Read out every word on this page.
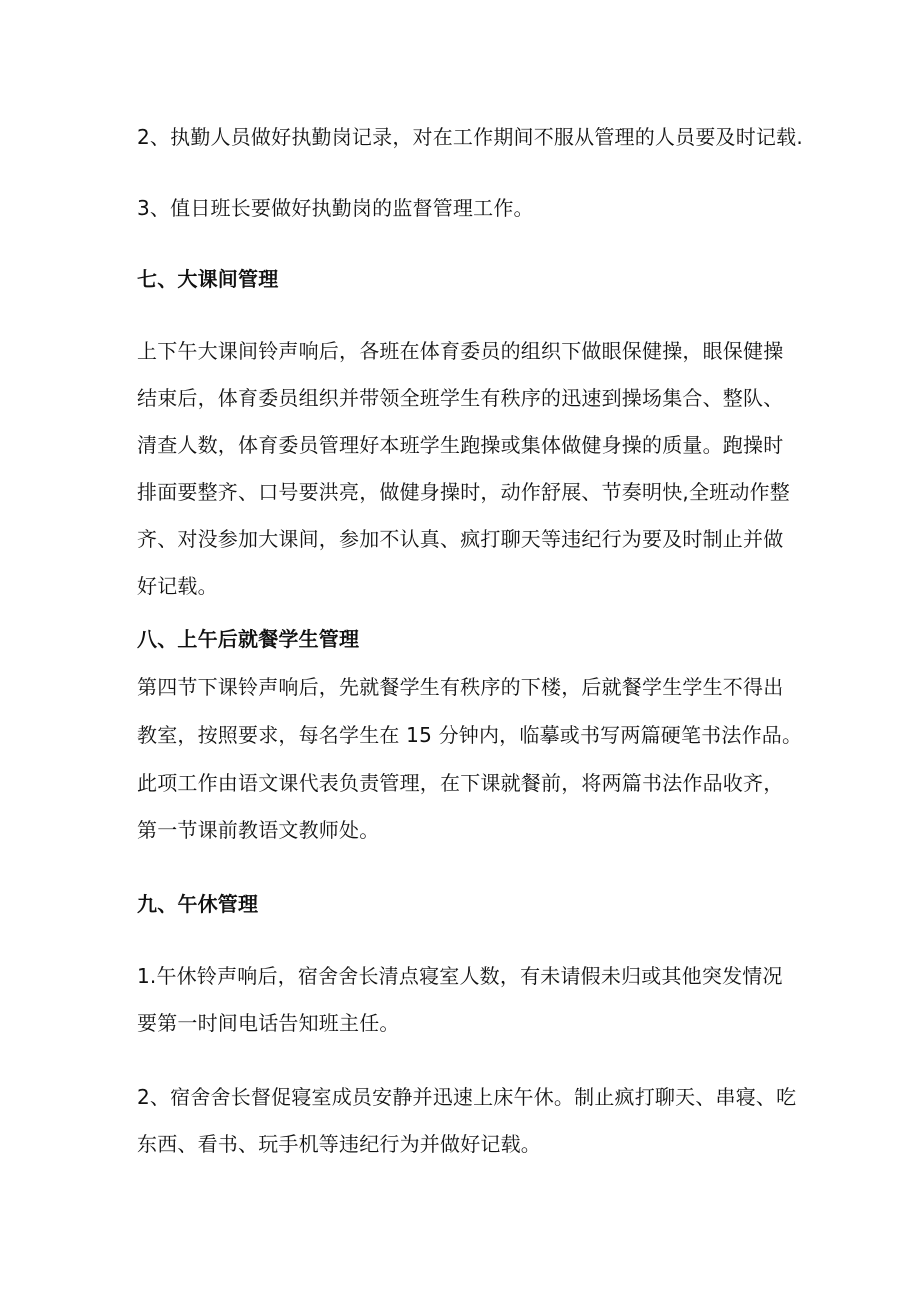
2、执勤人员做好执勤岗记录，对在工作期间不服从管理的人员要及时记载.
3、值日班长要做好执勤岗的监督管理工作。
七、大课间管理
上下午大课间铃声响后，各班在体育委员的组织下做眼保健操，眼保健操
结束后，体育委员组织并带领全班学生有秩序的迅速到操场集合、整队、
清查人数，体育委员管理好本班学生跑操或集体做健身操的质量。跑操时
排面要整齐、口号要洪亮，做健身操时，动作舒展、节奏明快,全班动作整
齐、对没参加大课间，参加不认真、疯打聊天等违纪行为要及时制止并做
好记载。
八、上午后就餐学生管理
第四节下课铃声响后，先就餐学生有秩序的下楼，后就餐学生学生不得出
教室，按照要求，每名学生在 15 分钟内，临摹或书写两篇硬笔书法作品。
此项工作由语文课代表负责管理，在下课就餐前，将两篇书法作品收齐，
第一节课前教语文教师处。
九、午休管理
1.午休铃声响后，宿舍舍长清点寝室人数，有未请假未归或其他突发情况
要第一时间电话告知班主任。
2、宿舍舍长督促寝室成员安静并迅速上床午休。制止疯打聊天、串寝、吃
东西、看书、玩手机等违纪行为并做好记载。
